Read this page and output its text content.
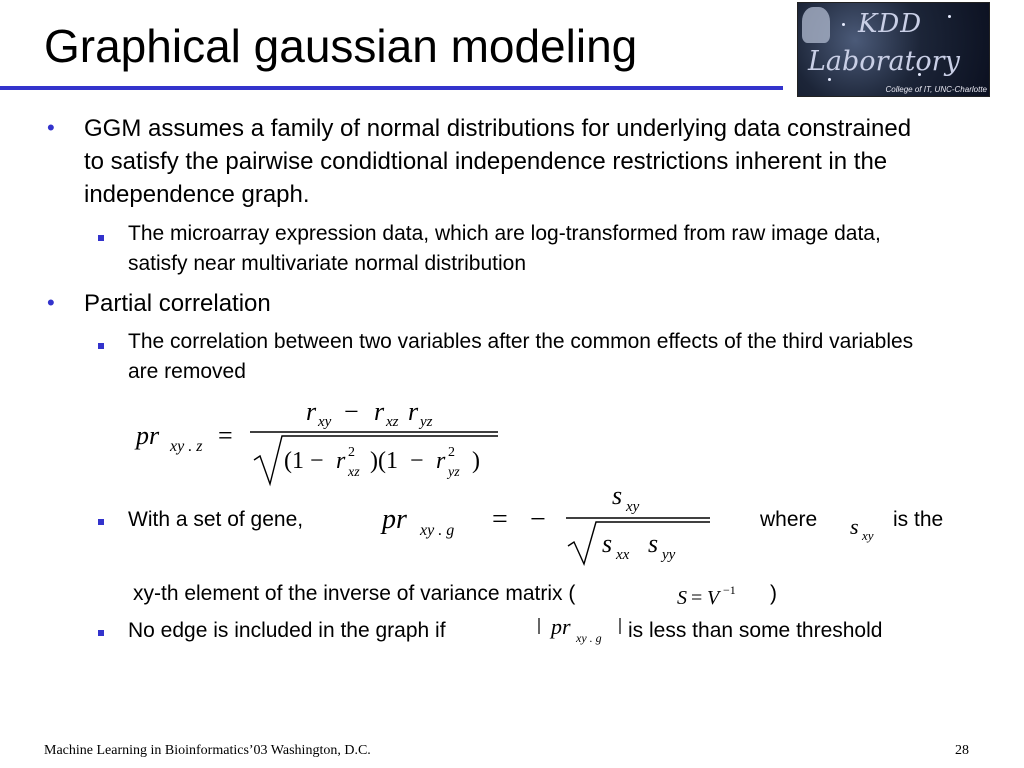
Graphical gaussian modeling	KDD
Laboratory
College of IT, UNC-Charlotte
• GGM assumes a family of normal distributions for underlying data constrained to satisfy the pairwise condidtional independence restrictions inherent in the independence graph.
The microarray expression data, which are log-transformed from raw image data, satisfy near multivariate normal distribution
• Partial correlation
The correlation between two variables after the common effects of the third variables are removed
pr xy . z =
r xy − r xz r yz
(1 − r 2
xz )(1 − r 2
yz )
With a set of gene,	pr xy . g = −
s xy
s xx s yy
where	s xy
is the
xy-th element of the inverse of variance matrix (	S = V −1 )
No edge is included in the graph if	pr xy . g is less than some threshold
Machine Learning in Bioinformatics’03 Washington, D.C.	28
